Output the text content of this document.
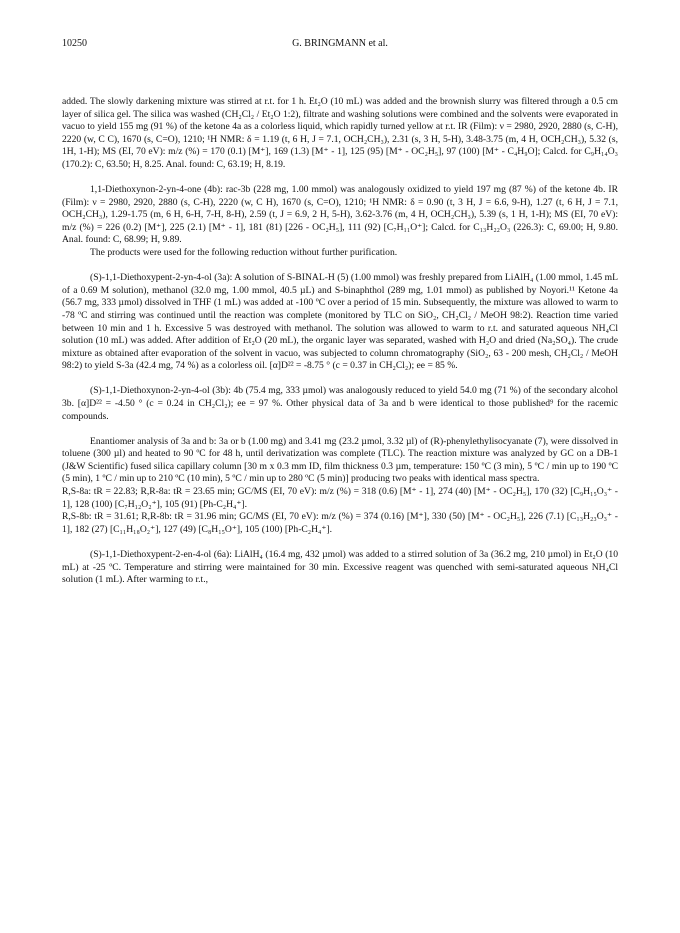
10250	G. BRINGMANN et al.

added. The slowly darkening mixture was stirred at r.t. for 1 h. Et₂O (10 mL) was added and the brownish slurry was filtered through a 0.5 cm layer of silica gel. The silica was washed (CH₂Cl₂ / Et₂O 1:2), filtrate and washing solutions were combined and the solvents were evaporated in vacuo to yield 155 mg (91 %) of the ketone 4a as a colorless liquid, which rapidly turned yellow at r.t. IR (Film): ν = 2980, 2920, 2880 (s, C-H), 2220 (w, C C), 1670 (s, C=O), 1210; ¹H NMR: δ = 1.19 (t, 6 H, J = 7.1, OCH₂CH₃), 2.31 (s, 3 H, 5-H), 3.48-3.75 (m, 4 H, OCH₂CH₃), 5.32 (s, 1H, 1-H); MS (EI, 70 eV): m/z (%) = 170 (0.1) [M⁺], 169 (1.3) [M⁺ - 1], 125 (95) [M⁺ - OC₂H₅], 97 (100) [M⁺ - C₄H₉O]; Calcd. for C₉H₁₄O₃ (170.2): C, 63.50; H, 8.25. Anal. found: C, 63.19; H, 8.19.

1,1-Diethoxynon-2-yn-4-one (4b): rac-3b (228 mg, 1.00 mmol) was analogously oxidized to yield 197 mg (87 %) of the ketone 4b. IR (Film): ν = 2980, 2920, 2880 (s, C-H), 2220 (w, C H), 1670 (s, C=O), 1210; ¹H NMR: δ = 0.90 (t, 3 H, J = 6.6, 9-H), 1.27 (t, 6 H, J = 7.1, OCH₂CH₃), 1.29-1.75 (m, 6 H, 6-H, 7-H, 8-H), 2.59 (t, J = 6.9, 2 H, 5-H), 3.62-3.76 (m, 4 H, OCH₂CH₃), 5.39 (s, 1 H, 1-H); MS (EI, 70 eV): m/z (%) = 226 (0.2) [M⁺], 225 (2.1) [M⁺ - 1], 181 (81) [226 - OC₂H₅], 111 (92) [C₇H₁₁O⁺]; Calcd. for C₁₃H₂₂O₃ (226.3): C, 69.00; H, 9.80. Anal. found: C, 68.99; H, 9.89.

The products were used for the following reduction without further purification.

(S)-1,1-Diethoxypent-2-yn-4-ol (3a): A solution of S-BINAL-H (5) (1.00 mmol) was freshly prepared from LiAlH₄ (1.00 mmol, 1.45 mL of a 0.69 M solution), methanol (32.0 mg, 1.00 mmol, 40.5 µL) and S-binaphthol (289 mg, 1.01 mmol) as published by Noyori.¹¹ Ketone 4a (56.7 mg, 333 µmol) dissolved in THF (1 mL) was added at -100 ºC over a period of 15 min. Subsequently, the mixture was allowed to warm to -78 ºC and stirring was continued until the reaction was complete (monitored by TLC on SiO₂, CH₂Cl₂ / MeOH 98:2). Reaction time varied between 10 min and 1 h. Excessive 5 was destroyed with methanol. The solution was allowed to warm to r.t. and saturated aqueous NH₄Cl solution (10 mL) was added. After addition of Et₂O (20 mL), the organic layer was separated, washed with H₂O and dried (Na₂SO₄). The crude mixture as obtained after evaporation of the solvent in vacuo, was subjected to column chromatography (SiO₂, 63 - 200 mesh, CH₂Cl₂ / MeOH 98:2) to yield S-3a (42.4 mg, 74 %) as a colorless oil. [α]D²² = -8.75 ° (c = 0.37 in CH₂Cl₂); ee = 85 %.

(S)-1,1-Diethoxynon-2-yn-4-ol (3b): 4b (75.4 mg, 333 µmol) was analogously reduced to yield 54.0 mg (71 %) of the secondary alcohol 3b. [α]D²² = -4.50 ° (c = 0.24 in CH₂Cl₂); ee = 97 %. Other physical data of 3a and b were identical to those published⁹ for the racemic compounds.

Enantiomer analysis of 3a and b: 3a or b (1.00 mg) and 3.41 mg (23.2 µmol, 3.32 µl) of (R)-phenylethylisocyanate (7), were dissolved in toluene (300 µl) and heated to 90 ºC for 48 h, until derivatization was complete (TLC). The reaction mixture was analyzed by GC on a DB-1 (J&W Scientific) fused silica capillary column [30 m x 0.3 mm ID, film thickness 0.3 µm, temperature: 150 ºC (3 min), 5 ºC / min up to 190 ºC (5 min), 1 ºC / min up to 210 ºC (10 min), 5 ºC / min up to 280 ºC (5 min)] producing two peaks with identical mass spectra.

R,S-8a: tR = 22.83; R,R-8a: tR = 23.65 min; GC/MS (EI, 70 eV): m/z (%) = 318 (0.6) [M⁺ - 1], 274 (40) [M⁺ - OC₂H₅], 170 (32) [C₉H₁₅O₃⁺ - 1], 128 (100) [C₇H₁₂O₂⁺], 105 (91) [Ph-C₂H₄⁺].

R,S-8b: tR = 31.61; R,R-8b: tR = 31.96 min; GC/MS (EI, 70 eV): m/z (%) = 374 (0.16) [M⁺], 330 (50) [M⁺ - OC₂H₅], 226 (7.1) [C₁₃H₂₃O₃⁺ - 1], 182 (27) [C₁₁H₁₈O₂⁺], 127 (49) [C₈H₁₅O⁺], 105 (100) [Ph-C₂H₄⁺].

(S)-1,1-Diethoxypent-2-en-4-ol (6a): LiAlH₄ (16.4 mg, 432 µmol) was added to a stirred solution of 3a (36.2 mg, 210 µmol) in Et₂O (10 mL) at -25 ºC. Temperature and stirring were maintained for 30 min. Excessive reagent was quenched with semi-saturated aqueous NH₄Cl solution (1 mL). After warming to r.t.,
